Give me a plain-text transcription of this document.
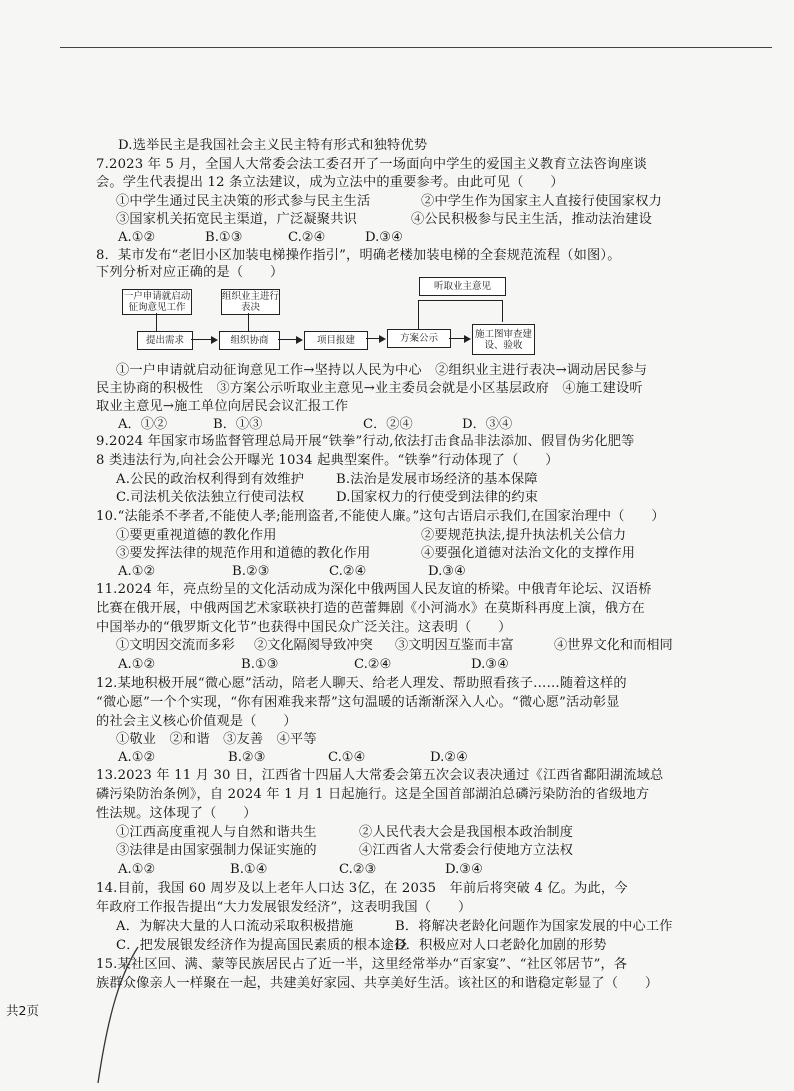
D.选举民主是我国社会主义民主特有形式和独特优势
7.2023 年 5 月，全国人大常委会法工委召开了一场面向中学生的爱国主义教育立法咨询座谈
会。学生代表提出 12 条立法建议，成为立法中的重要参考。由此可见（　　）
①中学生通过民主决策的形式参与民主生活	②中学生作为国家主人直接行使国家权力
③国家机关拓宽民主渠道，广泛凝聚共识	④公民积极参与民主生活，推动法治建设
A.①②	B.①③	C.②④	D.③④
8．某市发布“老旧小区加装电梯操作指引”，明确老楼加装电梯的全套规范流程（如图）。
下列分析对应正确的是（　　）
一户申请就启动征询意见工作
提出需求
组织业主进行表决
组织协商	项目报建
听取业主意见
方案公示	施工图审查建设、验收
①一户申请就启动征询意见工作→坚持以人民为中心　②组织业主进行表决→调动居民参与
民主协商的积极性　③方案公示听取业主意见→业主委员会就是小区基层政府　④施工建设听
取业主意见→施工单位向居民会议汇报工作
A．①②	B．①③	C．②④	D．③④
9.2024 年国家市场监督管理总局开展“铁拳”行动,依法打击食品非法添加、假冒伪劣化肥等
8 类违法行为,向社会公开曝光 1034 起典型案件。“铁拳”行动体现了（　　）
A.公民的政治权利得到有效维护 B.法治是发展市场经济的基本保障
C.司法机关依法独立行使司法权 D.国家权力的行使受到法律的约束
10.“法能杀不孝者,不能使人孝;能刑盗者,不能使人廉。”这句古语启示我们,在国家治理中（　　）
①要更重视道德的教化作用	②要规范执法,提升执法机关公信力
③要发挥法律的规范作用和道德的教化作用	④要强化道德对法治文化的支撑作用
A.①②	B.②③	C.②④	D.③④
11.2024 年，亮点纷呈的文化活动成为深化中俄两国人民友谊的桥梁。中俄青年论坛、汉语桥
比赛在俄开展，中俄两国艺术家联袂打造的芭蕾舞剧《小河淌水》在莫斯科再度上演，俄方在
中国举办的“俄罗斯文化节”也获得中国民众广泛关注。这表明（　　）
①文明因交流而多彩 ②文化隔阂导致冲突 ③文明因互鉴而丰富	④世界文化和而相同
A.①②	B.①③	C.②④	D.③④
12.某地积极开展“微心愿”活动，陪老人聊天、给老人理发、帮助照看孩子……随着这样的
“微心愿”一个个实现，“你有困难我来帮”这句温暖的话渐渐深入人心。“微心愿”活动彰显
的社会主义核心价值观是（　　）
①敬业　②和谐　③友善　④平等
A.①②	B.②③	C.①④	D.②④
13.2023 年 11 月 30 日，江西省十四届人大常委会第五次会议表决通过《江西省鄱阳湖流域总
磷污染防治条例》，自 2024 年 1 月 1 日起施行。这是全国首部湖泊总磷污染防治的省级地方
性法规。这体现了（　　）
①江西高度重视人与自然和谐共生	②人民代表大会是我国根本政治制度
③法律是由国家强制力保证实施的	④江西省人大常委会行使地方立法权
A.①②	B.①④	C.②③	D.③④
14.目前，我国 60 周岁及以上老年人口达 3亿，在 2035　年前后将突破 4 亿。为此，今
年政府工作报告提出“大力发展银发经济”，这表明我国（　　）
A．为解决大量的人口流动采取积极措施	B．将解决老龄化问题作为国家发展的中心工作
C．把发展银发经济作为提高国民素质的根本途径
D．积极应对人口老龄化加剧的形势
15.某社区回、满、蒙等民族居民占了近一半，这里经常举办“百家宴”、“社区邻居节”，各
族群众像亲人一样聚在一起，共建美好家园、共享美好生活。该社区的和谐稳定彰显了（　　）
共2页
